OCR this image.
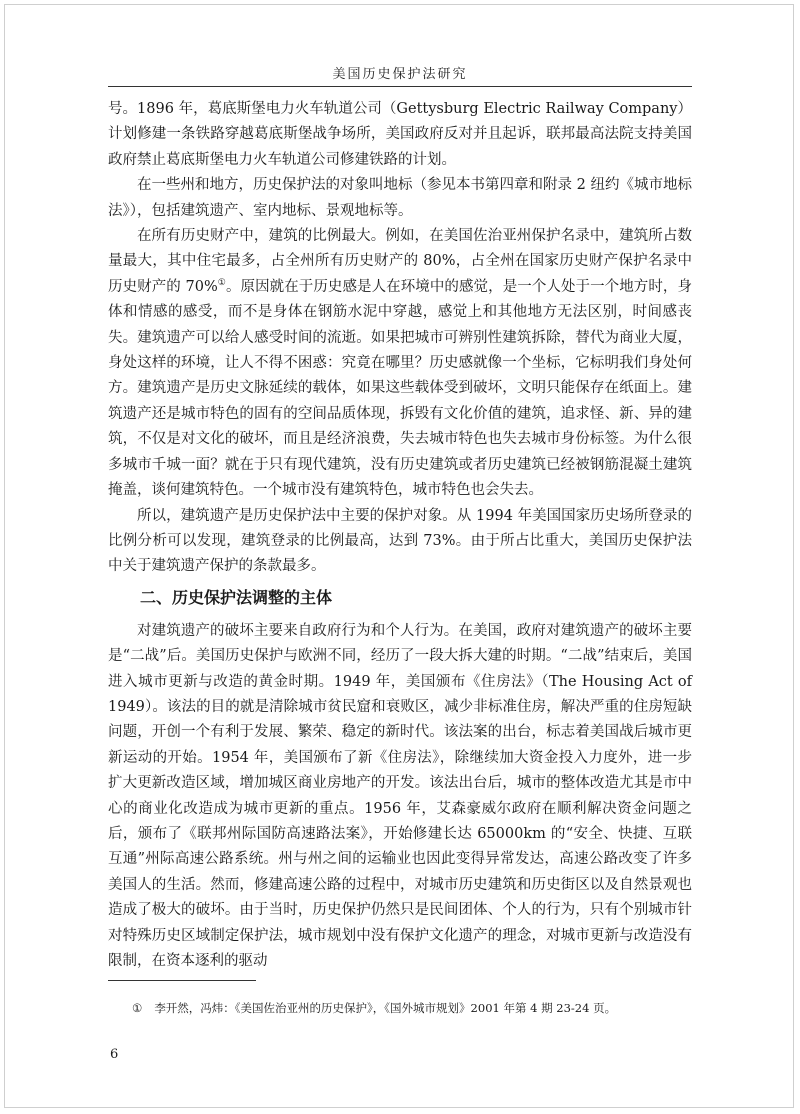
美国历史保护法研究

号。1896 年，葛底斯堡电力火车轨道公司（Gettysburg Electric Railway Company）计划修建一条铁路穿越葛底斯堡战争场所，美国政府反对并且起诉，联邦最高法院支持美国政府禁止葛底斯堡电力火车轨道公司修建铁路的计划。

在一些州和地方，历史保护法的对象叫地标（参见本书第四章和附录 2 纽约《城市地标法》），包括建筑遗产、室内地标、景观地标等。

在所有历史财产中，建筑的比例最大。例如，在美国佐治亚州保护名录中，建筑所占数量最大，其中住宅最多，占全州所有历史财产的 80%，占全州在国家历史财产保护名录中历史财产的 70%①。原因就在于历史感是人在环境中的感觉，是一个人处于一个地方时，身体和情感的感受，而不是身体在钢筋水泥中穿越，感觉上和其他地方无法区别，时间感丧失。建筑遗产可以给人感受时间的流逝。如果把城市可辨别性建筑拆除，替代为商业大厦，身处这样的环境，让人不得不困惑：究竟在哪里？历史感就像一个坐标，它标明我们身处何方。建筑遗产是历史文脉延续的载体，如果这些载体受到破坏，文明只能保存在纸面上。建筑遗产还是城市特色的固有的空间品质体现，拆毁有文化价值的建筑，追求怪、新、异的建筑，不仅是对文化的破坏，而且是经济浪费，失去城市特色也失去城市身份标签。为什么很多城市千城一面？就在于只有现代建筑，没有历史建筑或者历史建筑已经被钢筋混凝土建筑掩盖，谈何建筑特色。一个城市没有建筑特色，城市特色也会失去。

所以，建筑遗产是历史保护法中主要的保护对象。从 1994 年美国国家历史场所登录的比例分析可以发现，建筑登录的比例最高，达到 73%。由于所占比重大，美国历史保护法中关于建筑遗产保护的条款最多。

二、历史保护法调整的主体

对建筑遗产的破坏主要来自政府行为和个人行为。在美国，政府对建筑遗产的破坏主要是“二战”后。美国历史保护与欧洲不同，经历了一段大拆大建的时期。“二战”结束后，美国进入城市更新与改造的黄金时期。1949 年，美国颁布《住房法》（The Housing Act of 1949）。该法的目的就是清除城市贫民窟和衰败区，减少非标准住房，解决严重的住房短缺问题，开创一个有利于发展、繁荣、稳定的新时代。该法案的出台，标志着美国战后城市更新运动的开始。1954 年，美国颁布了新《住房法》，除继续加大资金投入力度外，进一步扩大更新改造区域，增加城区商业房地产的开发。该法出台后，城市的整体改造尤其是市中心的商业化改造成为城市更新的重点。1956 年，艾森豪威尔政府在顺利解决资金问题之后，颁布了《联邦州际国防高速路法案》，开始修建长达 65000km 的“安全、快捷、互联互通”州际高速公路系统。州与州之间的运输业也因此变得异常发达，高速公路改变了许多美国人的生活。然而，修建高速公路的过程中，对城市历史建筑和历史街区以及自然景观也造成了极大的破坏。由于当时，历史保护仍然只是民间团体、个人的行为，只有个别城市针对特殊历史区域制定保护法，城市规划中没有保护文化遗产的理念，对城市更新与改造没有限制，在资本逐利的驱动

① 李开然，冯炜：《美国佐治亚州的历史保护》，《国外城市规划》2001 年第 4 期 23-24 页。
6
